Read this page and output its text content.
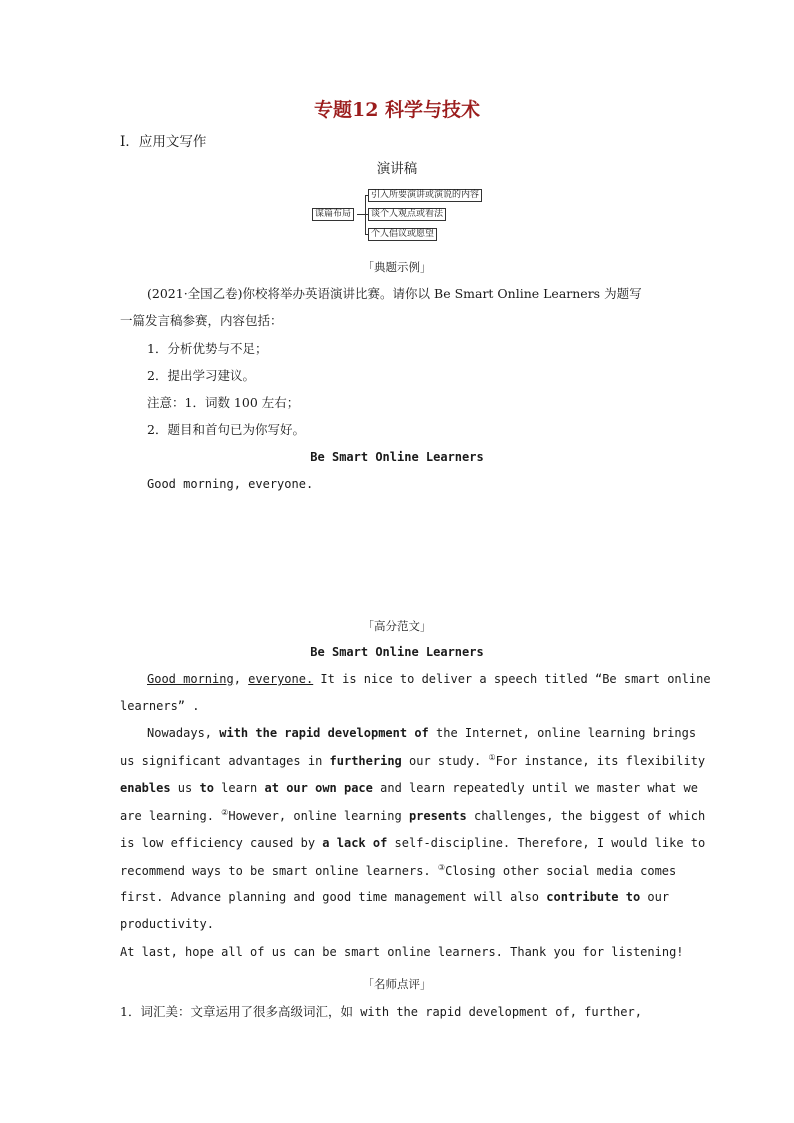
专题12 科学与技术
Ⅰ．应用文写作
演讲稿
谋篇布局
引入所要演讲或演说的内容
谈个人观点或看法
个人倡议或愿望
「典题示例」
(2021·全国乙卷)你校将举办英语演讲比赛。请你以 Be Smart Online Learners 为题写
一篇发言稿参赛，内容包括：
1．分析优势与不足；
2．提出学习建议。
注意：1．词数 100 左右；
2．题目和首句已为你写好。
Be Smart Online Learners
Good morning, everyone.
「高分范文」
Be Smart Online Learners
Good morning, everyone. It is nice to deliver a speech titled “Be smart online
learners” .
Nowadays, with the rapid development of the Internet, online learning brings
us significant advantages in furthering our study. ①For instance, its flexibility
enables us to learn at our own pace and learn repeatedly until we master what we
are learning. ②However, online learning presents challenges, the biggest of which
is low efficiency caused by a lack of self-discipline. Therefore, I would like to
recommend ways to be smart online learners. ③Closing other social media comes
first. Advance planning and good time management will also contribute to our
productivity.
At last, hope all of us can be smart online learners. Thank you for listening!
「名师点评」
1．词汇美：文章运用了很多高级词汇，如 with the rapid development of, further,
